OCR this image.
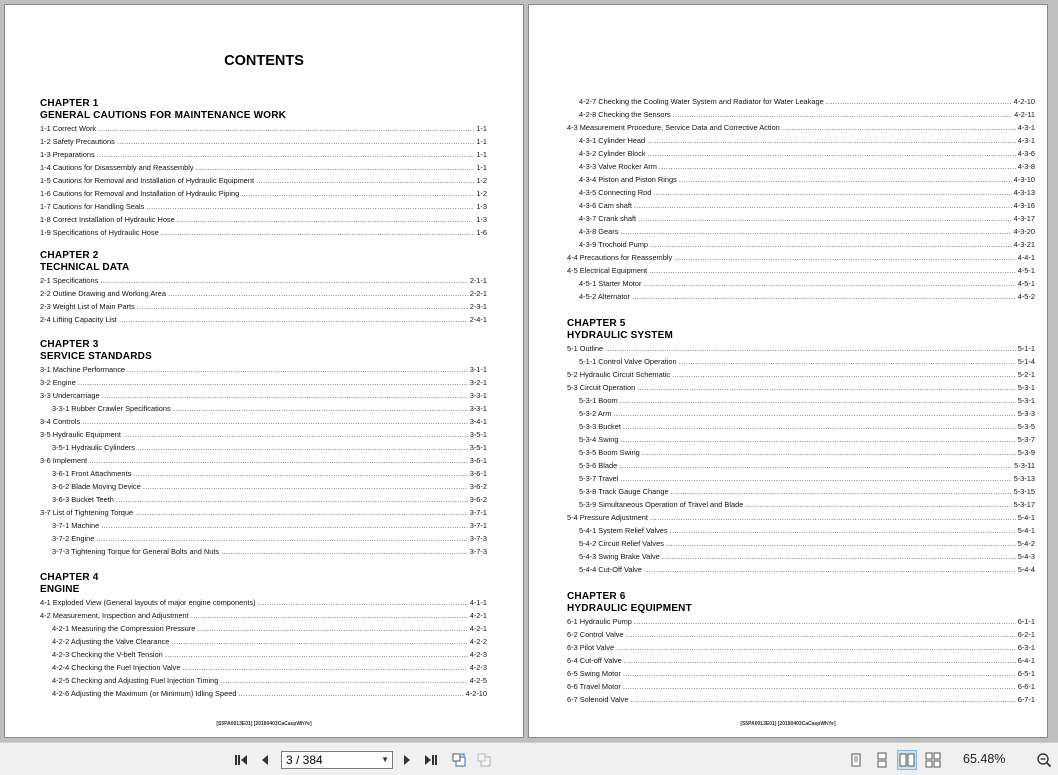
CONTENTS
CHAPTER 1
GENERAL CAUTIONS FOR MAINTENANCE WORK
1-1 Correct Work .....	1-1
1-2 Safety Precautions .....	1-1
1-3 Preparations .....	1-1
1-4 Cautions for Disassembly and Reassembly .....	1-1
1-5 Cautions for Removal and Installation of Hydraulic Equipment .....	1-2
1-6 Cautions for Removal and Installation of Hydraulic Piping .....	1-2
1-7 Cautions for Handling Seals .....	1-3
1-8 Correct Installation of Hydraulic Hose .....	1-3
1-9 Specifications of Hydraulic Hose .....	1-6
CHAPTER 2
TECHNICAL DATA
2-1 Specifications .....	2-1-1
2-2 Outline Drawing and Working Area .....	2-2-1
2-3 Weight List of Main Parts .....	2-3-1
2-4 Lifting Capacity List .....	2-4-1
CHAPTER 3
SERVICE STANDARDS
3-1 Machine Performance .....	3-1-1
3-2 Engine .....	3-2-1
3-3 Undercarriage .....	3-3-1
3-3-1 Rubber Crawler Specifications .....	3-3-1
3-4 Controls .....	3-4-1
3-5 Hydraulic Equipment .....	3-5-1
3-5-1 Hydraulic Cylinders .....	3-5-1
3-6 Implement .....	3-6-1
3-6-1 Front Attachments .....	3-6-1
3-6-2 Blade Moving Device .....	3-6-2
3-6-3 Bucket Teeth .....	3-6-2
3-7 List of Tightening Torque .....	3-7-1
3-7-1 Machine .....	3-7-1
3-7-2 Engine .....	3-7-3
3-7-3 Tightening Torque for General Bolts and Nuts .....	3-7-3
CHAPTER 4
ENGINE
4-1 Exploded View (General layouts of major engine components) .....	4-1-1
4-2 Measurement, Inspection and Adjustment .....	4-2-1
4-2-1 Measuring the Compression Pressure .....	4-2-1
4-2-2 Adjusting the Valve Clearance .....	4-2-2
4-2-3 Checking the V-belt Tension .....	4-2-3
4-2-4 Checking the Fuel Injection Valve .....	4-2-3
4-2-5 Checking and Adjusting Fuel Injection Timing .....	4-2-5
4-2-6 Adjusting the Maximum (or Minimum) Idling Speed .....	4-2-10
[S5PA0013E01] [20180403CaCaspWhYe]
4-2-7 Checking the Cooling Water System and Radiator for Water Leakage .....	4-2-10
4-2-8 Checking the Sensors .....	4-2-11
4-3 Measurement Procedure, Service Data and Corrective Action .....	4-3-1
4-3-1 Cylinder Head .....	4-3-1
4-3-2 Cylinder Block .....	4-3-6
4-3-3 Valve Rocker Arm .....	4-3-8
4-3-4 Piston and Piston Rings .....	4-3-10
4-3-5 Connecting Rod .....	4-3-13
4-3-6 Cam shaft .....	4-3-16
4-3-7 Crank shaft .....	4-3-17
4-3-8 Gears .....	4-3-20
4-3-9 Trochoid Pump .....	4-3-21
4-4 Precautions for Reassembly .....	4-4-1
4-5 Electrical Equipment .....	4-5-1
4-5-1 Starter Motor .....	4-5-1
4-5-2 Alternator .....	4-5-2
CHAPTER 5
HYDRAULIC SYSTEM
5-1 Outline .....	5-1-1
5-1-1 Control Valve Operation .....	5-1-4
5-2 Hydraulic Circuit Schematic .....	5-2-1
5-3 Circuit Operation .....	5-3-1
5-3-1 Boom .....	5-3-1
5-3-2 Arm .....	5-3-3
5-3-3 Bucket .....	5-3-5
5-3-4 Swing .....	5-3-7
5-3-5 Boom Swing .....	5-3-9
5-3-6 Blade .....	5-3-11
5-3-7 Travel .....	5-3-13
5-3-8 Track Gauge Change .....	5-3-15
5-3-9 Simultaneous Operation of Travel and Blade .....	5-3-17
5-4 Pressure Adjustment .....	5-4-1
5-4-1 System Relief Valves .....	5-4-1
5-4-2 Circuit Relief Valves .....	5-4-2
5-4-3 Swing Brake Valve .....	5-4-3
5-4-4 Cut-Off Valve .....	5-4-4
CHAPTER 6
HYDRAULIC EQUIPMENT
6-1 Hydraulic Pump .....	6-1-1
6-2 Control Valve .....	6-2-1
6-3 Pilot Valve .....	6-3-1
6-4 Cut-off Valve .....	6-4-1
6-5 Swing Motor .....	6-5-1
6-6 Travel Motor .....	6-6-1
6-7 Solenoid Valve .....	6-7-1
[S5PA0013E01] [20180403CaCaspWhYe]
3 / 384	▼	65.48%
